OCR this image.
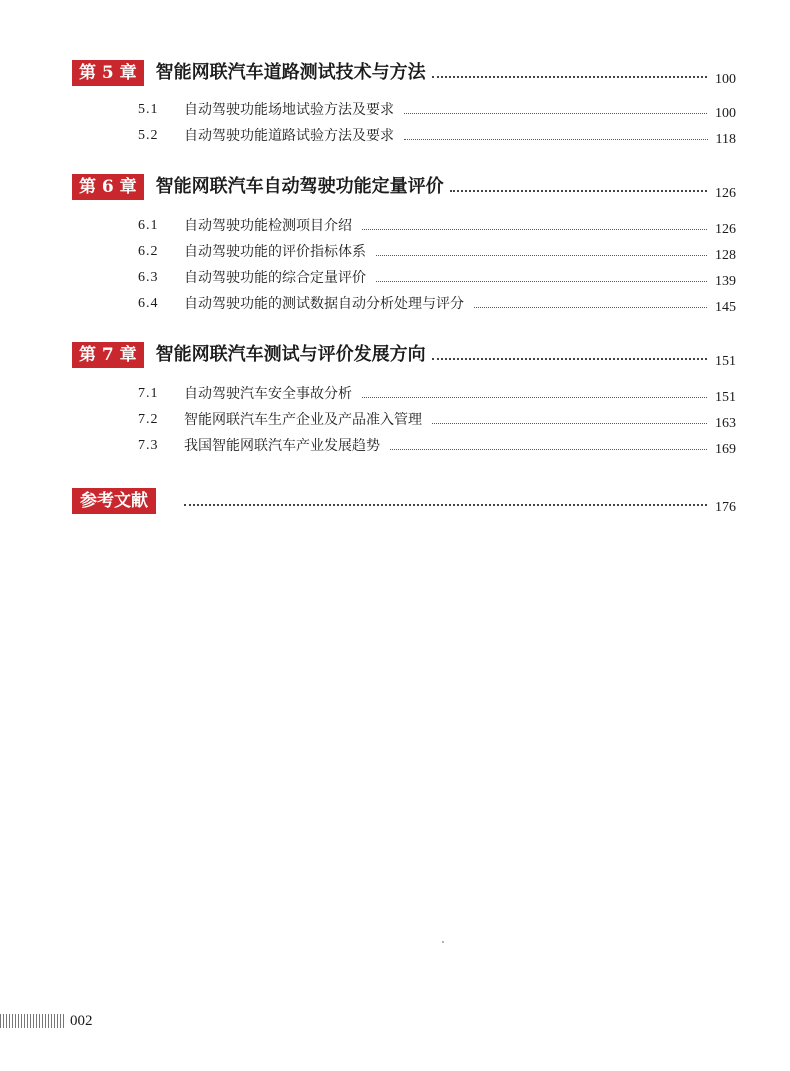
第 5 章	智能网联汽车道路测试技术与方法	100
5.1	自动驾驶功能场地试验方法及要求	100
5.2	自动驾驶功能道路试验方法及要求	118
第 6 章	智能网联汽车自动驾驶功能定量评价	126
6.1	自动驾驶功能检测项目介绍	126
6.2	自动驾驶功能的评价指标体系	128
6.3	自动驾驶功能的综合定量评价	139
6.4	自动驾驶功能的测试数据自动分析处理与评分	145
第 7 章	智能网联汽车测试与评价发展方向	151
7.1	自动驾驶汽车安全事故分析	151
7.2	智能网联汽车生产企业及产品准入管理	163
7.3	我国智能网联汽车产业发展趋势	169
参考文献	176
002
